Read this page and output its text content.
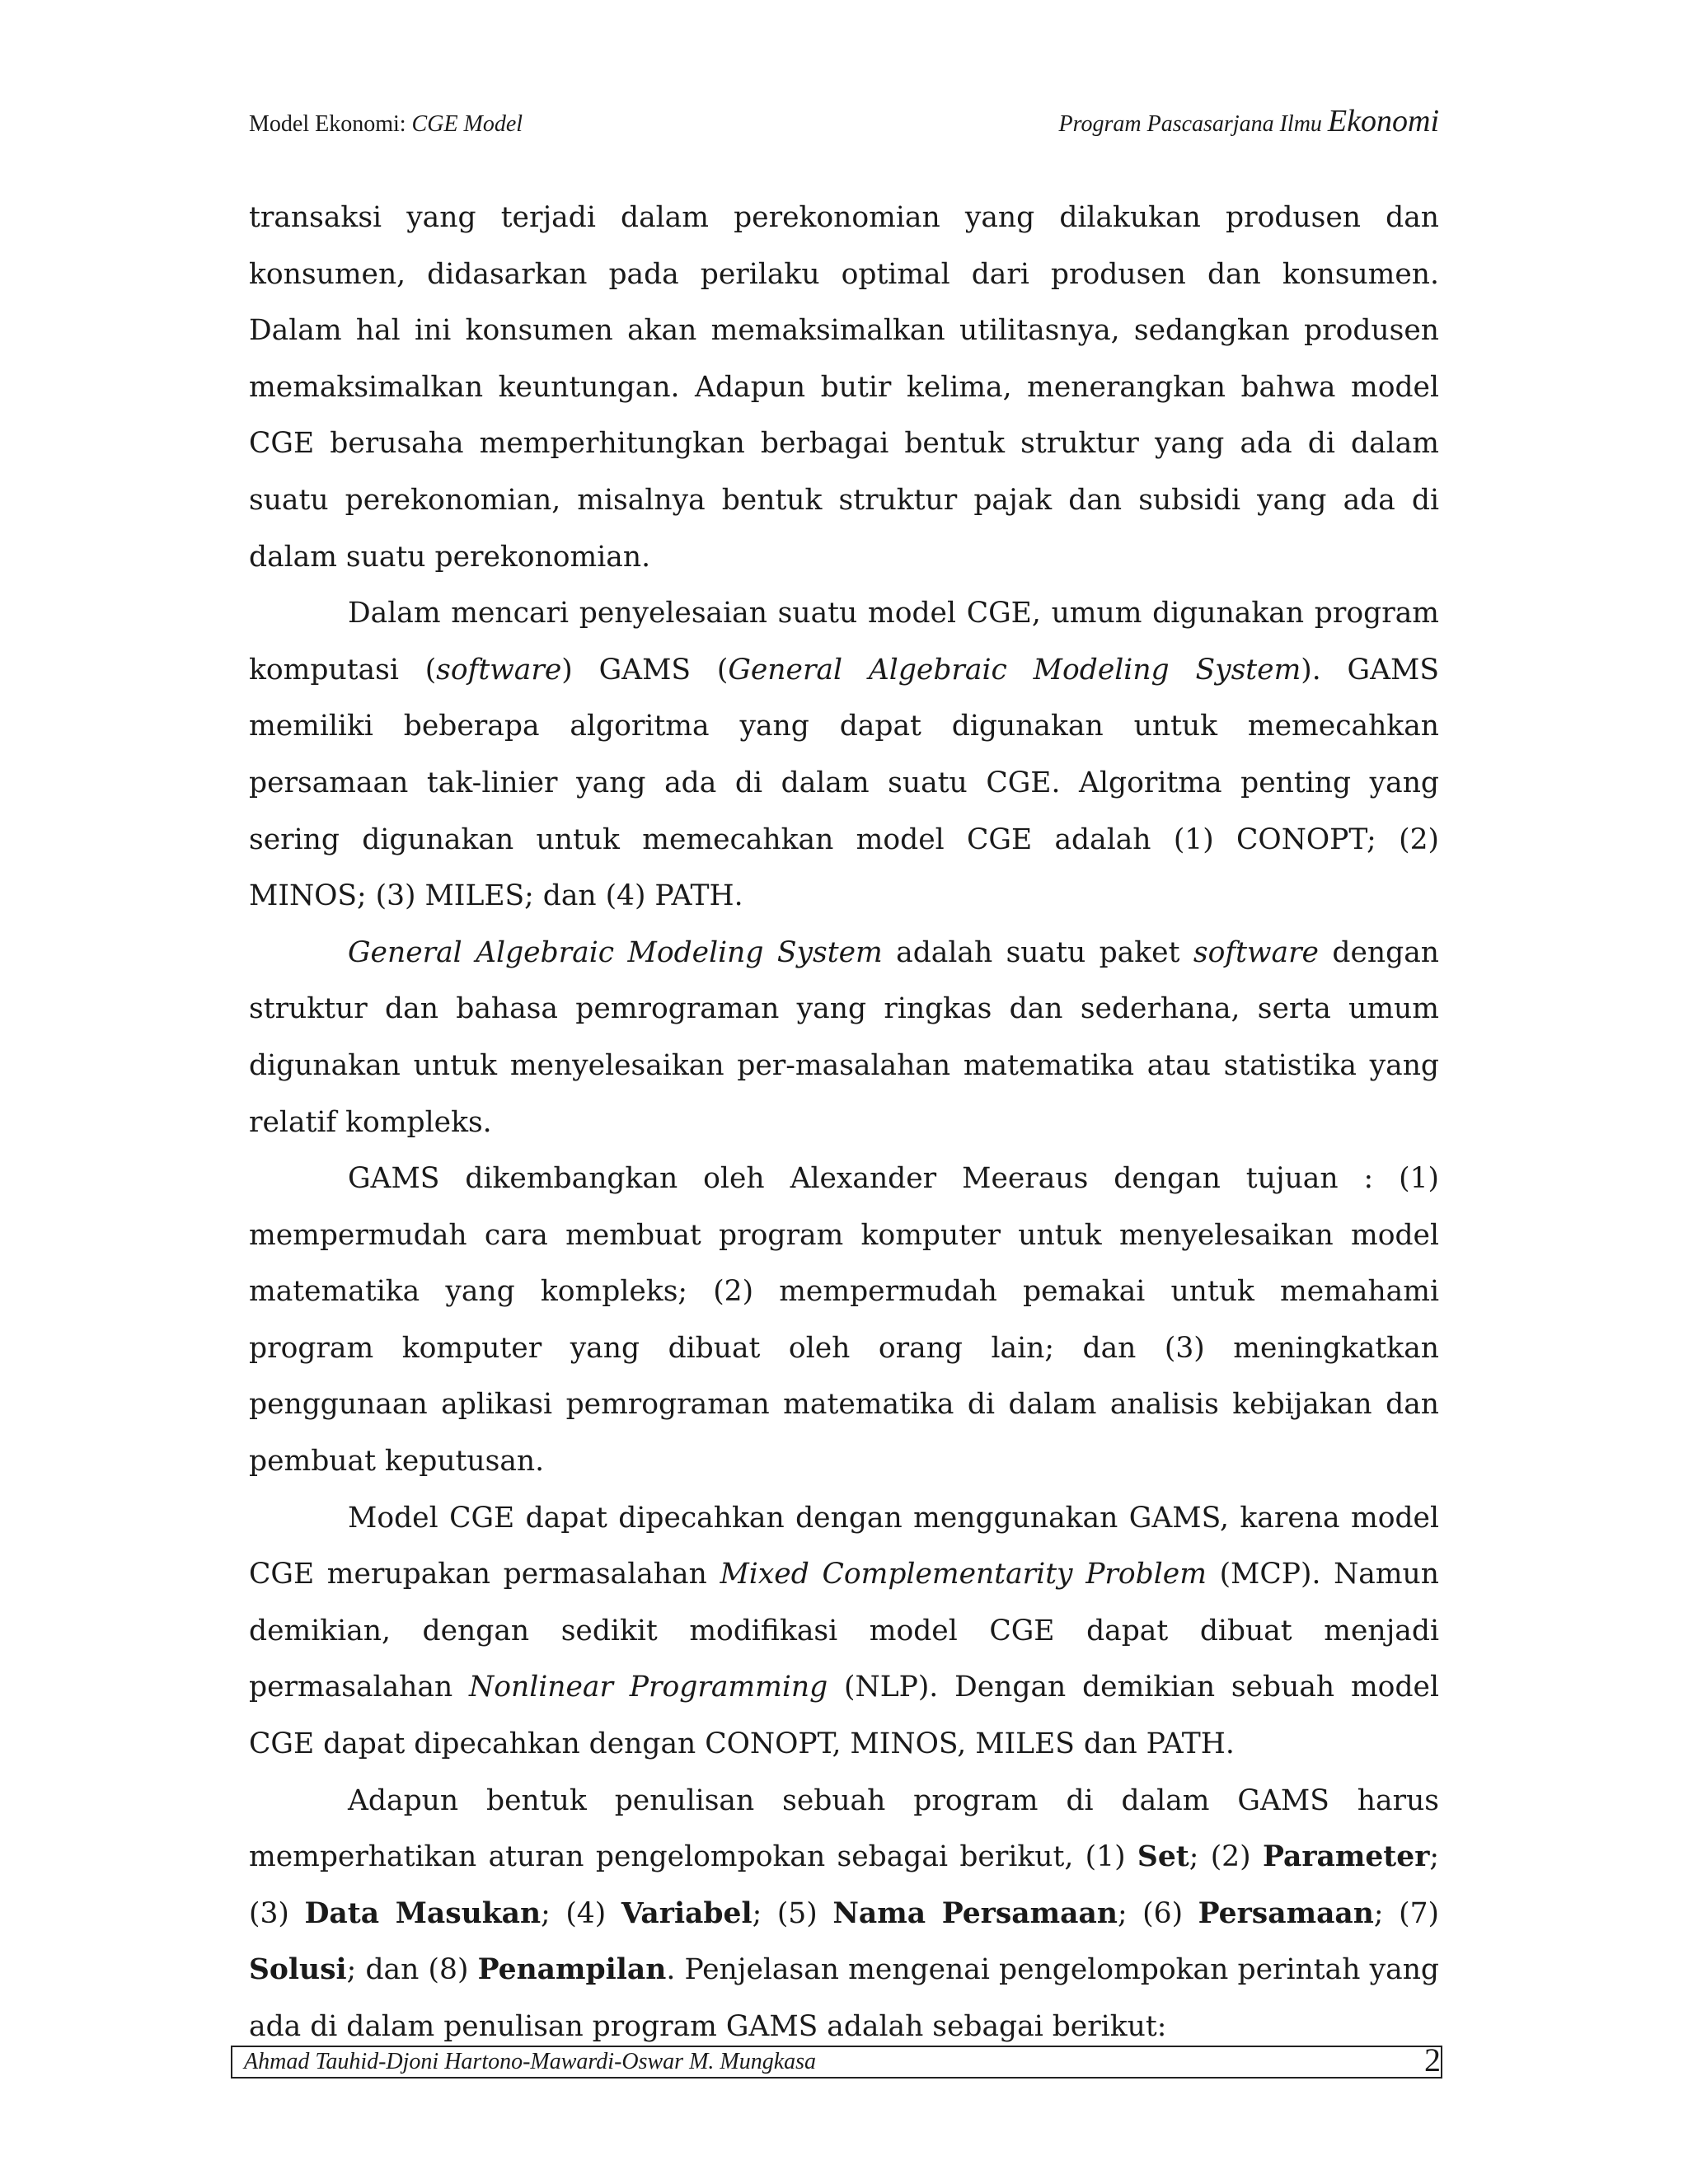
Model Ekonomi: CGE Model	Program Pascasarjana Ilmu Ekonomi

transaksi yang terjadi dalam perekonomian yang dilakukan produsen dan konsumen, didasarkan pada perilaku optimal dari produsen dan konsumen. Dalam hal ini konsumen akan memaksimalkan utilitasnya, sedangkan produsen memaksimalkan keuntungan. Adapun butir kelima, menerangkan bahwa model CGE berusaha memperhitungkan berbagai bentuk struktur yang ada di dalam suatu perekonomian, misalnya bentuk struktur pajak dan subsidi yang ada di dalam suatu perekonomian.

Dalam mencari penyelesaian suatu model CGE, umum digunakan program komputasi (software) GAMS (General Algebraic Modeling System). GAMS memiliki beberapa algoritma yang dapat digunakan untuk memecahkan persamaan tak-linier yang ada di dalam suatu CGE. Algoritma penting yang sering digunakan untuk memecahkan model CGE adalah (1) CONOPT; (2) MINOS; (3) MILES; dan (4) PATH.

General Algebraic Modeling System adalah suatu paket software dengan struktur dan bahasa pemrograman yang ringkas dan sederhana, serta umum digunakan untuk menyelesaikan per-masalahan matematika atau statistika yang relatif kompleks.

GAMS dikembangkan oleh Alexander Meeraus dengan tujuan : (1) mempermudah cara membuat program komputer untuk menyelesaikan model matematika yang kompleks; (2) mempermudah pemakai untuk memahami program komputer yang dibuat oleh orang lain; dan (3) meningkatkan penggunaan aplikasi pemrograman matematika di dalam analisis kebijakan dan pembuat keputusan.

Model CGE dapat dipecahkan dengan menggunakan GAMS, karena model CGE merupakan permasalahan Mixed Complementarity Problem (MCP). Namun demikian, dengan sedikit modifikasi model CGE dapat dibuat menjadi permasalahan Nonlinear Programming (NLP). Dengan demikian sebuah model CGE dapat dipecahkan dengan CONOPT, MINOS, MILES dan PATH.

Adapun bentuk penulisan sebuah program di dalam GAMS harus memperhatikan aturan pengelompokan sebagai berikut, (1) Set; (2) Parameter; (3) Data Masukan; (4) Variabel; (5) Nama Persamaan; (6) Persamaan; (7) Solusi; dan (8) Penampilan. Penjelasan mengenai pengelompokan perintah yang ada di dalam penulisan program GAMS adalah sebagai berikut:

Ahmad Tauhid-Djoni Hartono-Mawardi-Oswar M. Mungkasa	2
